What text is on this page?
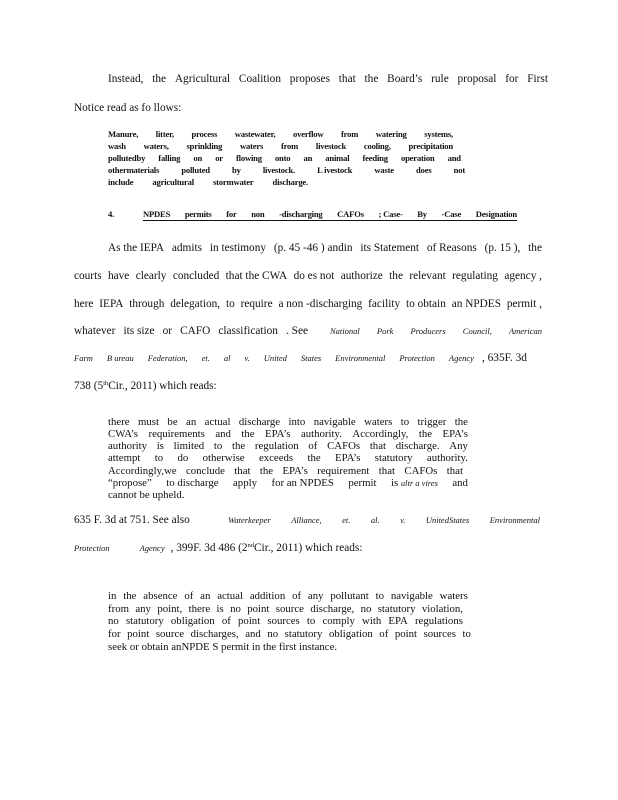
Instead, the Agricultural Coalition proposes that the Board’s rule proposal for First
Notice read as fo llows:
Manure, litter, process wastewater, overflow from watering systems,
wash waters, sprinkling waters from livestock cooling, precipitation
pollutedby falling on or flowing onto an animal feeding operation and
othermaterials	polluted	by	livestock.	L ivestock	waste	does	not
include agricultural stormwater discharge.
4.	NPDES permits for non -discharging CAFOs ; Case- By -Case Designation
As the IEPA admits in testimony (p. 45 -46 ) andin its Statement of Reasons (p. 15 ), the
courts have clearly concluded that the CWA do es not authorize the relevant regulating agency ,
here IEPA through delegation, to require a non -discharging facility to obtain an NPDES permit ,
whatever its size or CAFO classification . See	National Pork Producers Council, American
Farm B ureau Federation, et. al v. United States Environmental Protection Agency , 635F. 3d
738 (5thCir., 2011) which reads:
there must be an actual discharge into navigable waters to trigger the
CWA’s requirements and the EPA’s authority. Accordingly, the EPA’s
authority is limited to the regulation of CAFOs that discharge. Any
attempt to do otherwise exceeds the EPA’s statutory authority.
Accordingly,we conclude that the EPA’s requirement that CAFOs that
“propose” to discharge apply for an NPDES permit is ultr a vires and
cannot be upheld.
635 F. 3d at 751. See also	Waterkeeper Alliance, et. al. v. UnitedStates Environmental
Protection	Agency , 399F. 3d 486 (2ndCir., 2011) which reads:
in the absence of an actual addition of any pollutant to navigable waters
from any point, there is no point source discharge, no statutory violation,
no statutory obligation of point sources to comply with EPA regulations
for point source discharges, and no statutory obligation of point sources to
seek or obtain anNPDE S permit in the first instance.
